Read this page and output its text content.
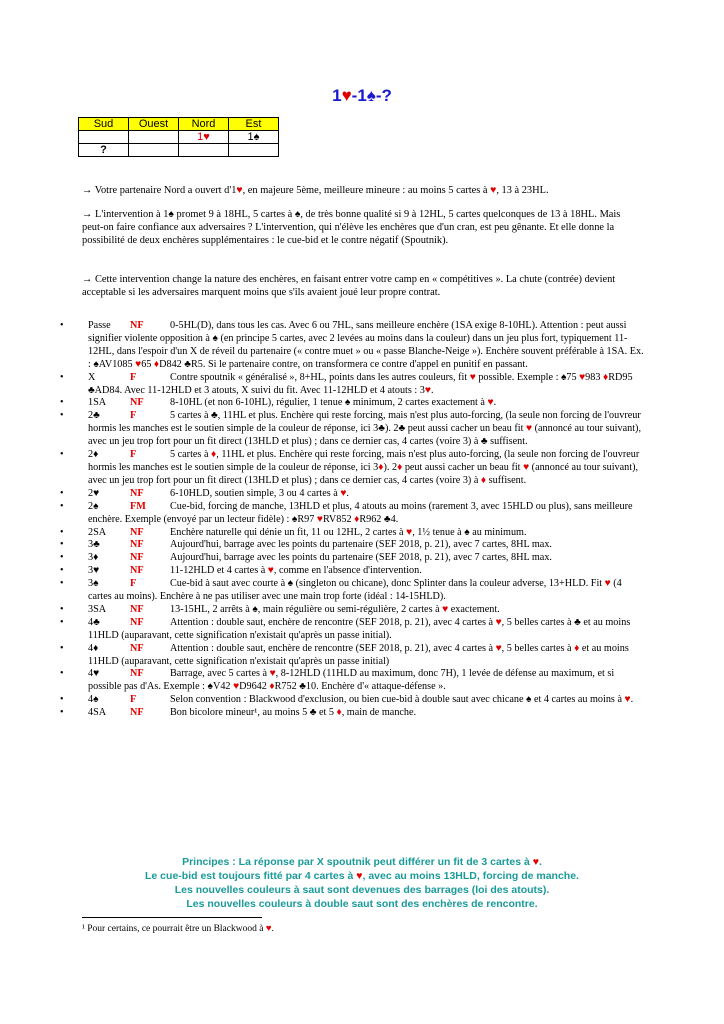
1♥-1♠-?
Sud	Ouest	Nord	Est
		1♥	1♠
?			

→ Votre partenaire Nord a ouvert d'1♥, en majeure 5ème, meilleure mineure : au moins 5 cartes à ♥, 13 à 23HL.

→ L'intervention à 1♠ promet 9 à 18HL, 5 cartes à ♠, de très bonne qualité si 9 à 12HL, 5 cartes quelconques de 13 à 18HL. Mais peut-on faire confiance aux adversaires ? L'intervention, qui n'élève les enchères que d'un cran, est peu gênante. Et elle donne la possibilité de deux enchères supplémentaires : le cue-bid et le contre négatif (Spoutnik).

→ Cette intervention change la nature des enchères, en faisant entrer votre camp en « compétitives ». La chute (contrée) devient acceptable si les adversaires marquent moins que s'ils avaient joué leur propre contrat.

• Passe NF	0-5HL(D), dans tous les cas. Avec 6 ou 7HL, sans meilleure enchère (1SA exige 8-10HL). Attention : peut aussi signifier violente opposition à ♠ (en principe 5 cartes, avec 2 levées au moins dans la couleur) dans un jeu plus fort, typiquement 11-12HL, dans l'espoir d'un X de réveil du partenaire (« contre muet » ou « passe Blanche-Neige »). Enchère souvent préférable à 1SA. Ex. : ♠AV1085 ♥65 ♦D842 ♣R5. Si le partenaire contre, on transformera ce contre d'appel en punitif en passant.
• X	F	Contre spoutnik « généralisé », 8+HL, points dans les autres couleurs, fit ♥ possible. Exemple : ♠75 ♥983 ♦RD95 ♣AD84. Avec 11-12HLD et 3 atouts, X suivi du fit. Avec 11-12HLD et 4 atouts : 3♥.
• 1SA NF	8-10HL (et non 6-10HL), régulier, 1 tenue ♠ minimum, 2 cartes exactement à ♥.
• 2♣	F	5 cartes à ♣, 11HL et plus. Enchère qui reste forcing, mais n'est plus auto-forcing, (la seule non forcing de l'ouvreur hormis les manches est le soutien simple de la couleur de réponse, ici 3♣). 2♣ peut aussi cacher un beau fit ♥ (annoncé au tour suivant), avec un jeu trop fort pour un fit direct (13HLD et plus) ; dans ce dernier cas, 4 cartes (voire 3) à ♣ suffisent.
• 2♦	F	5 cartes à ♦, 11HL et plus. Enchère qui reste forcing, mais n'est plus auto-forcing, (la seule non forcing de l'ouvreur hormis les manches est le soutien simple de la couleur de réponse, ici 3♦). 2♦ peut aussi cacher un beau fit ♥ (annoncé au tour suivant), avec un jeu trop fort pour un fit direct (13HLD et plus) ; dans ce dernier cas, 4 cartes (voire 3) à ♦ suffisent.
• 2♥	NF	6-10HLD, soutien simple, 3 ou 4 cartes à ♥.
• 2♠	FM Cue-bid, forcing de manche, 13HLD et plus, 4 atouts au moins (rarement 3, avec 15HLD ou plus), sans meilleure enchère. Exemple (envoyé par un lecteur fidèle) : ♠R97 ♥RV852 ♦R962 ♣4.
• 2SA NF	Enchère naturelle qui dénie un fit, 11 ou 12HL, 2 cartes à ♥, 1½ tenue à ♠ au minimum.
• 3♣	NF	Aujourd'hui, barrage avec les points du partenaire (SEF 2018, p. 21), avec 7 cartes, 8HL max.
• 3♦	NF	Aujourd'hui, barrage avec les points du partenaire (SEF 2018, p. 21), avec 7 cartes, 8HL max.
• 3♥	NF	11-12HLD et 4 cartes à ♥, comme en l'absence d'intervention.
• 3♠	F	Cue-bid à saut avec courte à ♠ (singleton ou chicane), donc Splinter dans la couleur adverse, 13+HLD. Fit ♥ (4 cartes au moins). Enchère à ne pas utiliser avec une main trop forte (idéal : 14-15HLD).
• 3SA NF	13-15HL, 2 arrêts à ♠, main régulière ou semi-régulière, 2 cartes à ♥ exactement.
• 4♣	NF	Attention : double saut, enchère de rencontre (SEF 2018, p. 21), avec 4 cartes à ♥, 5 belles cartes à ♣ et au moins 11HLD (auparavant, cette signification n'existait qu'après un passe initial).
• 4♦	NF	Attention : double saut, enchère de rencontre (SEF 2018, p. 21), avec 4 cartes à ♥, 5 belles cartes à ♦ et au moins 11HLD (auparavant, cette signification n'existait qu'après un passe initial)
• 4♥	NF	Barrage, avec 5 cartes à ♥, 8-12HLD (11HLD au maximum, donc 7H), 1 levée de défense au maximum, et si possible pas d'As. Exemple : ♠V42 ♥D9642 ♦R752 ♣10. Enchère d'« attaque-défense ».
• 4♠	F	Selon convention : Blackwood d'exclusion, ou bien cue-bid à double saut avec chicane ♠ et 4 cartes au moins à ♥.
• 4SA NF	Bon bicolore mineur¹, au moins 5 ♣ et 5 ♦, main de manche.
Principes : La réponse par X spoutnik peut différer un fit de 3 cartes à ♥.
Le cue-bid est toujours fitté par 4 cartes à ♥, avec au moins 13HLD, forcing de manche.
Les nouvelles couleurs à saut sont devenues des barrages (loi des atouts).
Les nouvelles couleurs à double saut sont des enchères de rencontre.
¹ Pour certains, ce pourrait être un Blackwood à ♥.
